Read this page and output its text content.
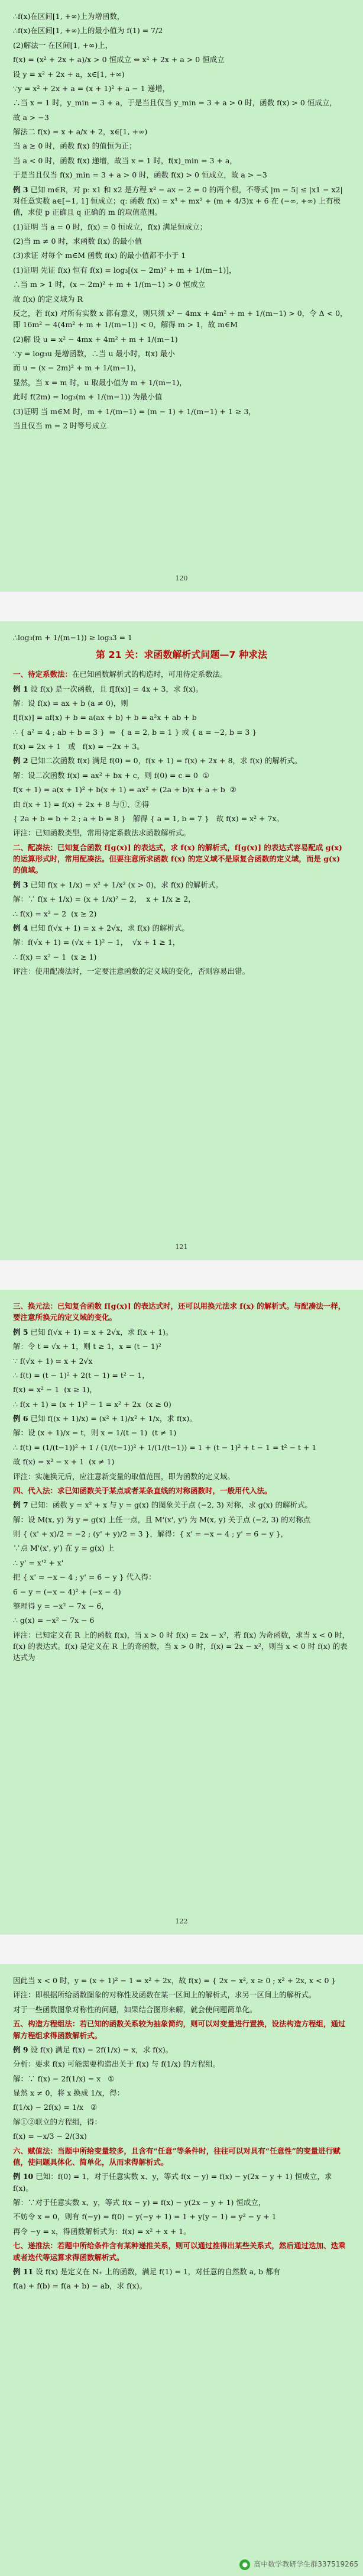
∴f(x)在区间[1, +∞)上为增函数，

∴f(x)在区间[1, +∞)上的最小值为 f(1) = 7/2

(2)解法一 在区间[1, +∞)上，

f(x) = (x² + 2x + a)/x > 0 恒成立 ⇔ x² + 2x + a > 0 恒成立

设 y = x² + 2x + a，x∈[1, +∞)

∵y = x² + 2x + a = (x + 1)² + a − 1 递增，

∴当 x = 1 时，y_min = 3 + a，于是当且仅当 y_min = 3 + a > 0 时，函数 f(x) > 0 恒成立，

故 a > −3

解法二 f(x) = x + a/x + 2，x∈[1, +∞)

当 a ≥ 0 时，函数 f(x) 的值恒为正；

当 a < 0 时，函数 f(x) 递增，故当 x = 1 时，f(x)_min = 3 + a，

于是当且仅当 f(x)_min = 3 + a > 0 时，函数 f(x) > 0 恒成立，故 a > −3

例 3 已知 m∈R，对 p: x1 和 x2 是方程 x² − ax − 2 = 0 的两个根，不等式 |m − 5| ≤ |x1 − x2| 对任意实数 a∈[−1, 1] 恒成立；q: 函数 f(x) = x³ + mx² + (m + 4/3)x + 6 在 (−∞, +∞) 上有极值，求使 p 正确且 q 正确的 m 的取值范围。

(1)证明 当 a = 0 时，f(x) = 0 恒成立，f(x) 满足恒成立；

(2)当 m ≠ 0 时，求函数 f(x) 的最小值

(3)求证 对每个 m∈M 函数 f(x) 的最小值都不小于 1

(1)证明 先证 f(x) 恒有 f(x) = log₃[(x − 2m)² + m + 1/(m−1)]，

∴当 m > 1 时，(x − 2m)² + m + 1/(m−1) > 0 恒成立

故 f(x) 的定义域为 R

反之，若 f(x) 对所有实数 x 都有意义，则只须 x² − 4mx + 4m² + m + 1/(m−1) > 0，令 Δ < 0，即 16m² − 4(4m² + m + 1/(m−1)) < 0，解得 m > 1，故 m∈M

(2)解 设 u = x² − 4mx + 4m² + m + 1/(m−1)

∵y = log₃u 是增函数，∴当 u 最小时，f(x) 最小

而 u = (x − 2m)² + m + 1/(m−1)，

显然，当 x = m 时，u 取最小值为 m + 1/(m−1)，

此时 f(2m) = log₃(m + 1/(m−1)) 为最小值

(3)证明 当 m∈M 时，m + 1/(m−1) = (m − 1) + 1/(m−1) + 1 ≥ 3，

当且仅当 m = 2 时等号成立

120

∴log₃(m + 1/(m−1)) ≥ log₃3 = 1

第 21 关：求函数解析式问题—7 种求法

一、待定系数法：在已知函数解析式的构造时，可用待定系数法。

例 1 设 f(x) 是一次函数，且 f[f(x)] = 4x + 3，求 f(x)。

解：设 f(x) = ax + b (a ≠ 0)，则

f[f(x)] = af(x) + b = a(ax + b) + b = a²x + ab + b

∴ { a² = 4 ; ab + b = 3 }  ⇒  { a = 2, b = 1 } 或 { a = −2, b = 3 }

f(x) = 2x + 1   或   f(x) = −2x + 3。

例 2 已知二次函数 f(x) 满足 f(0) = 0，f(x + 1) = f(x) + 2x + 8，求 f(x) 的解析式。

解：设二次函数 f(x) = ax² + bx + c，则 f(0) = c = 0  ①

f(x + 1) = a(x + 1)² + b(x + 1) = ax² + (2a + b)x + a + b  ②

由 f(x + 1) = f(x) + 2x + 8 与①、②得

{ 2a + b = b + 2 ; a + b = 8 }   解得 { a = 1, b = 7 }   故 f(x) = x² + 7x。

评注：已知函数类型，常用待定系数法求函数解析式。

二、配凑法：已知复合函数 f[g(x)] 的表达式，求 f(x) 的解析式，f[g(x)] 的表达式容易配成 g(x) 的运算形式时，常用配凑法。但要注意所求函数 f(x) 的定义域不是原复合函数的定义域，而是 g(x) 的值域。

例 3 已知 f(x + 1/x) = x² + 1/x² (x > 0)，求 f(x) 的解析式。

解：∵ f(x + 1/x) = (x + 1/x)² − 2，  x + 1/x ≥ 2，

∴ f(x) = x² − 2  (x ≥ 2)

例 4 已知 f(√x + 1) = x + 2√x，求 f(x) 的解析式。

解：f(√x + 1) = (√x + 1)² − 1，  √x + 1 ≥ 1，

∴ f(x) = x² − 1  (x ≥ 1)

评注：使用配凑法时，一定要注意函数的定义域的变化，否则容易出错。

121

三、换元法：已知复合函数 f[g(x)] 的表达式时，还可以用换元法求 f(x) 的解析式。与配凑法一样，要注意所换元的定义域的变化。

例 5 已知 f(√x + 1) = x + 2√x，求 f(x + 1)。

解：令 t = √x + 1，则 t ≥ 1，x = (t − 1)²

∵ f(√x + 1) = x + 2√x

∴ f(t) = (t − 1)² + 2(t − 1) = t² − 1，

f(x) = x² − 1  (x ≥ 1)，

∴ f(x + 1) = (x + 1)² − 1 = x² + 2x  (x ≥ 0)

例 6 已知 f((x + 1)/x) = (x² + 1)/x² + 1/x，求 f(x)。

解：设 (x + 1)/x = t，则 x = 1/(t − 1)  (t ≠ 1)

∴ f(t) = (1/(t−1))² + 1 / (1/(t−1))² + 1/(1/(t−1)) = 1 + (t − 1)² + t − 1 = t² − t + 1

故 f(x) = x² − x + 1  (x ≠ 1)

评注：实施换元后，应注意新变量的取值范围，即为函数的定义域。

四、代入法：求已知函数关于某点或者某条直线的对称函数时，一般用代入法。

例 7 已知：函数 y = x² + x 与 y = g(x) 的图象关于点 (−2, 3) 对称，求 g(x) 的解析式。

解：设 M(x, y) 为 y = g(x) 上任一点，且 M'(x', y') 为 M(x, y) 关于点 (−2, 3) 的对称点

则 { (x' + x)/2 = −2 ; (y' + y)/2 = 3 }，解得：{ x' = −x − 4 ; y' = 6 − y }，

∵点 M'(x', y') 在 y = g(x) 上

∴ y' = x'² + x'

把 { x' = −x − 4 ; y' = 6 − y } 代入得：

6 − y = (−x − 4)² + (−x − 4)

整理得 y = −x² − 7x − 6，

∴ g(x) = −x² − 7x − 6

评注：已知定义在 R 上的函数 f(x)，当 x > 0 时 f(x) = 2x − x²，若 f(x) 为奇函数，求当 x < 0 时，f(x) 的表达式。f(x) 是定义在 R 上的奇函数，当 x > 0 时，f(x) = 2x − x²，则当 x < 0 时 f(x) 的表达式为

122

因此当 x < 0 时，y = (x + 1)² − 1 = x² + 2x，故 f(x) = { 2x − x², x ≥ 0 ; x² + 2x, x < 0 }

评注：即根据所给函数图象的对称性及函数在某一区间上的解析式，求另一区间上的解析式。

对于一些函数图象对称性的问题，如果结合图形来解，就会使问题简单化。

五、构造方程组法：若已知的函数关系较为抽象简约，则可以对变量进行置换，设法构造方程组，通过解方程组求得函数解析式。

例 9 设 f(x) 满足 f(x) − 2f(1/x) = x，求 f(x)。

分析：要求 f(x) 可能需要构造出关于 f(x) 与 f(1/x) 的方程组。

解：∵ f(x) − 2f(1/x) = x   ①

显然 x ≠ 0，将 x 换成 1/x，得：

f(1/x) − 2f(x) = 1/x   ②

解①②联立的方程组，得：

f(x) = −x/3 − 2/(3x)

六、赋值法：当题中所给变量较多，且含有“任意”等条件时，往往可以对具有“任意性”的变量进行赋值，使问题具体化、简单化，从而求得解析式。

例 10 已知：f(0) = 1，对于任意实数 x、y，等式 f(x − y) = f(x) − y(2x − y + 1) 恒成立，求 f(x)。

解：∵对于任意实数 x、y，等式 f(x − y) = f(x) − y(2x − y + 1) 恒成立，

不妨令 x = 0，则有 f(−y) = f(0) − y(−y + 1) = 1 + y(y − 1) = y² − y + 1

再令 −y = x，得函数解析式为：f(x) = x² + x + 1。

七、递推法：若题中所给条件含有某种递推关系，则可以通过推得出某些关系式，然后通过迭加、迭乘或者迭代等运算求得函数解析式。

例 11 设 f(x) 是定义在 N₊ 上的函数，满足 f(1) = 1，对任意的自然数 a, b 都有

f(a) + f(b) = f(a + b) − ab，求 f(x)。

● 高中数学教研学生群337519265
